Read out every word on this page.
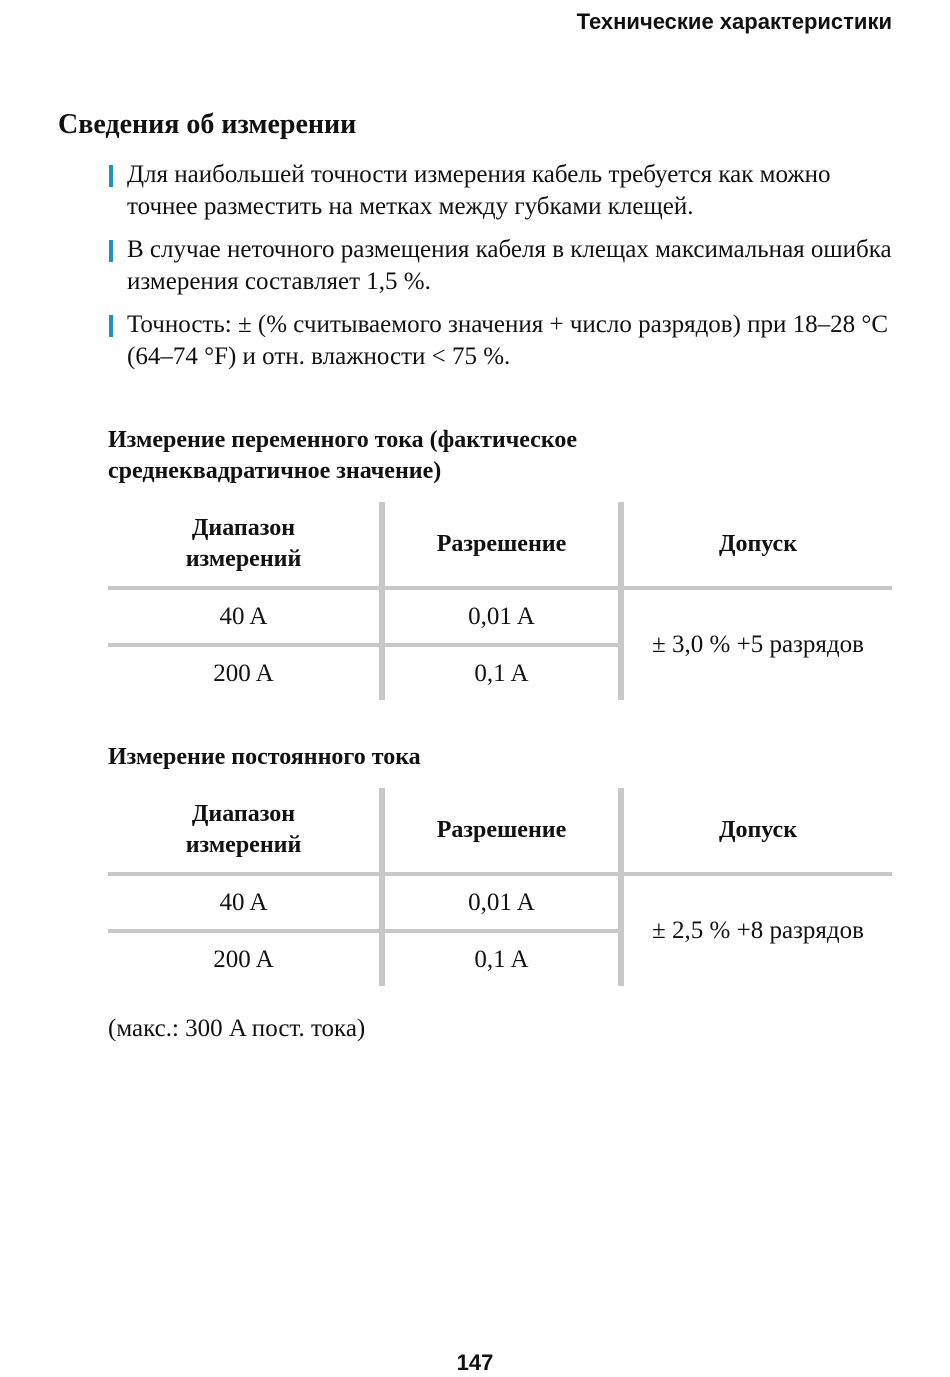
Технические характеристики
Сведения об измерении
Для наибольшей точности измерения кабель требуется как можно точнее разместить на метках между губками клещей.
В случае неточного размещения кабеля в клещах максимальная ошибка измерения составляет 1,5 %.
Точность: ± (% считываемого значения + число разрядов) при 18–28 °C (64–74 °F) и отн. влажности < 75 %.
Измерение переменного тока (фактическое
среднеквадратичное значение)
Диапазон
измерений	Разрешение	Допуск
40 A	0,01 A	± 3,0 % +5 разрядов
200 A	0,1 A	
Измерение постоянного тока
Диапазон
измерений	Разрешение	Допуск
40 A	0,01 A	± 2,5 % +8 разрядов
200 A	0,1 A	
(макс.: 300 A пост. тока)
147
